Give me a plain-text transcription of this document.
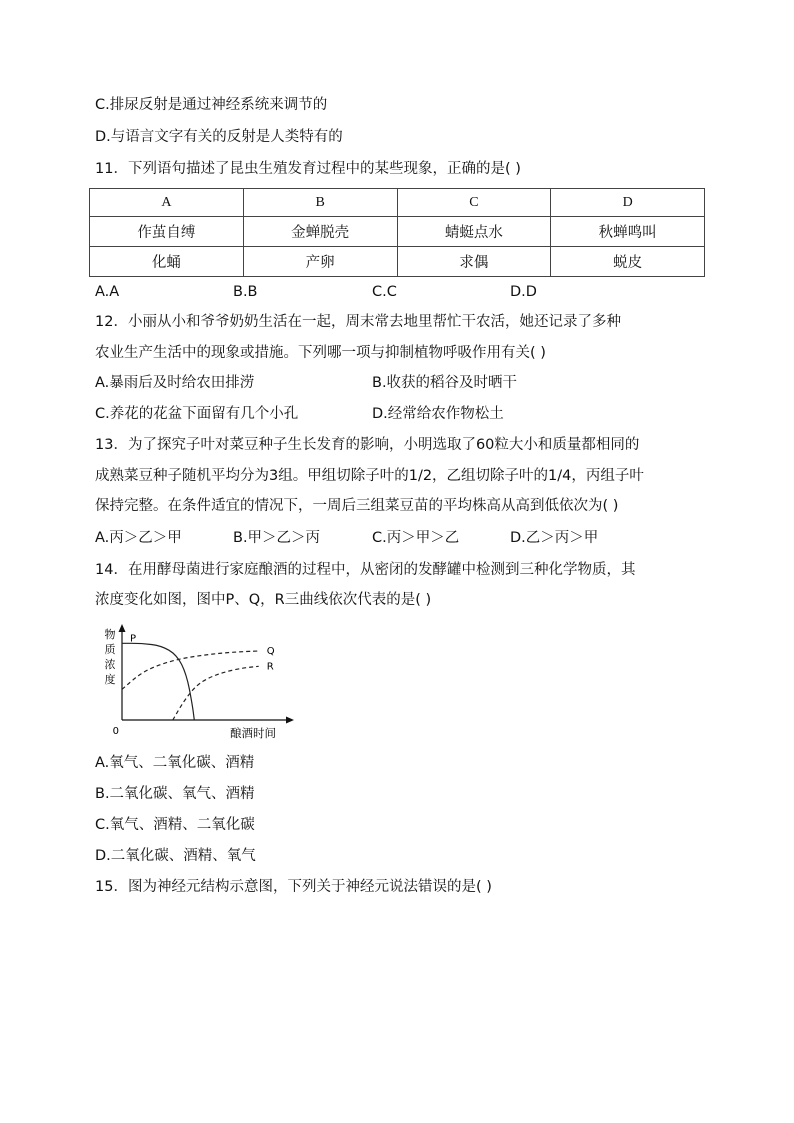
C.排尿反射是通过神经系统来调节的
D.与语言文字有关的反射是人类特有的
11．下列语句描述了昆虫生殖发育过程中的某些现象，正确的是( )
A	B	C	D
作茧自缚	金蝉脱壳	蜻蜓点水	秋蝉鸣叫
化蛹	产卵	求偶	蜕皮
A.A	B.B	C.C	D.D
12．小丽从小和爷爷奶奶生活在一起，周末常去地里帮忙干农活，她还记录了多种
农业生产生活中的现象或措施。下列哪一项与抑制植物呼吸作用有关( )
A.暴雨后及时给农田排涝	B.收获的稻谷及时晒干
C.养花的花盆下面留有几个小孔	D.经常给农作物松土
13．为了探究子叶对菜豆种子生长发育的影响，小明选取了60粒大小和质量都相同的
成熟菜豆种子随机平均分为3组。甲组切除子叶的1/2，乙组切除子叶的1/4，丙组子叶
保持完整。在条件适宜的情况下，一周后三组菜豆苗的平均株高从高到低依次为( )
A.丙＞乙＞甲	B.甲＞乙＞丙	C.丙＞甲＞乙	D.乙＞丙＞甲
14．在用酵母菌进行家庭酿酒的过程中，从密闭的发酵罐中检测到三种化学物质，其
浓度变化如图，图中P、Q，R三曲线依次代表的是( )
物质浓度
0	酿酒时间
P
Q
R
A.氧气、二氧化碳、酒精
B.二氧化碳、氧气、酒精
C.氧气、酒精、二氧化碳
D.二氧化碳、酒精、氧气
15．图为神经元结构示意图，下列关于神经元说法错误的是( )
